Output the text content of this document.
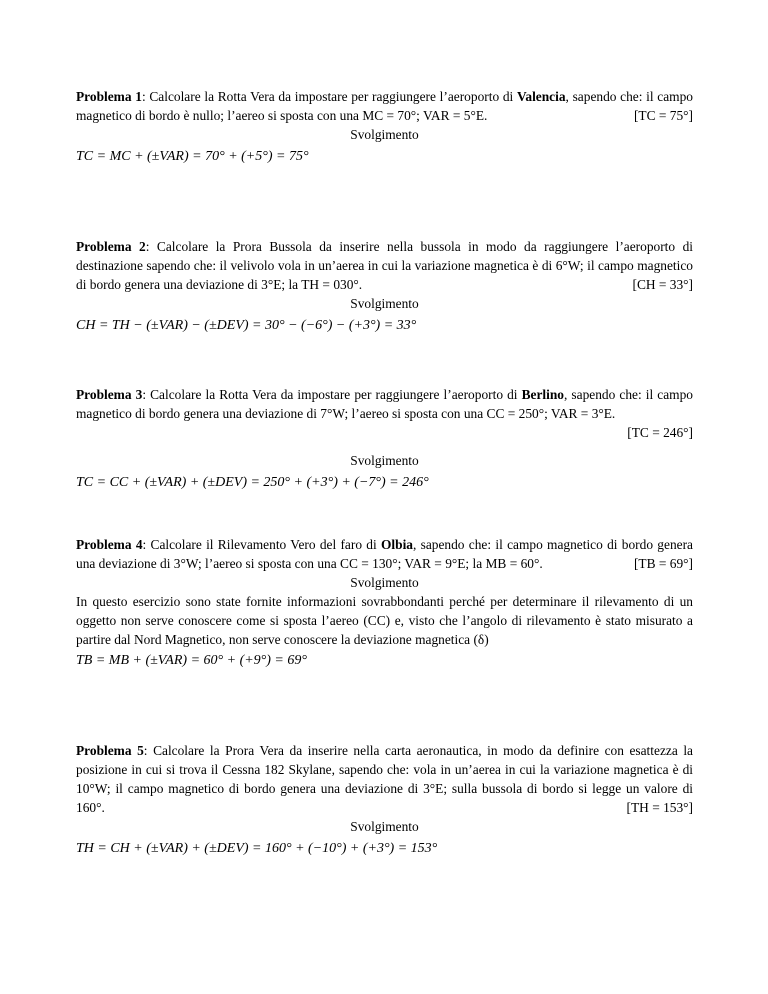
Problema 1: Calcolare la Rotta Vera da impostare per raggiungere l’aeroporto di Valencia, sapendo che: il campo magnetico di bordo è nullo; l’aereo si sposta con una MC = 70°; VAR = 5°E.	[TC = 75°]

Svolgimento

TC = MC + (±VAR) = 70° + (+5°) = 75°

Problema 2: Calcolare la Prora Bussola da inserire nella bussola in modo da raggiungere l’aeroporto di destinazione sapendo che: il velivolo vola in un’aerea in cui la variazione magnetica è di 6°W; il campo magnetico di bordo genera una deviazione di 3°E; la TH = 030°.	[CH = 33°]

Svolgimento

CH = TH − (±VAR) − (±DEV) = 30° − (−6°) − (+3°) = 33°

Problema 3: Calcolare la Rotta Vera da impostare per raggiungere l’aeroporto di Berlino, sapendo che: il campo magnetico di bordo genera una deviazione di 7°W; l’aereo si sposta con una CC = 250°; VAR = 3°E.

[TC = 246°]

Svolgimento

TC = CC + (±VAR) + (±DEV) = 250° + (+3°) + (−7°) = 246°

Problema 4: Calcolare il Rilevamento Vero del faro di Olbia, sapendo che: il campo magnetico di bordo genera una deviazione di 3°W; l’aereo si sposta con una CC = 130°; VAR = 9°E; la MB = 60°.	[TB = 69°]

Svolgimento

In questo esercizio sono state fornite informazioni sovrabbondanti perché per determinare il rilevamento di un oggetto non serve conoscere come si sposta l’aereo (CC) e, visto che l’angolo di rilevamento è stato misurato a partire dal Nord Magnetico, non serve conoscere la deviazione magnetica (δ)

TB = MB + (±VAR) = 60° + (+9°) = 69°

Problema 5: Calcolare la Prora Vera da inserire nella carta aeronautica, in modo da definire con esattezza la posizione in cui si trova il Cessna 182 Skylane, sapendo che: vola in un’aerea in cui la variazione magnetica è di 10°W; il campo magnetico di bordo genera una deviazione di 3°E; sulla bussola di bordo si legge un valore di 160°.	[TH = 153°]

Svolgimento

TH = CH + (±VAR) + (±DEV) = 160° + (−10°) + (+3°) = 153°
